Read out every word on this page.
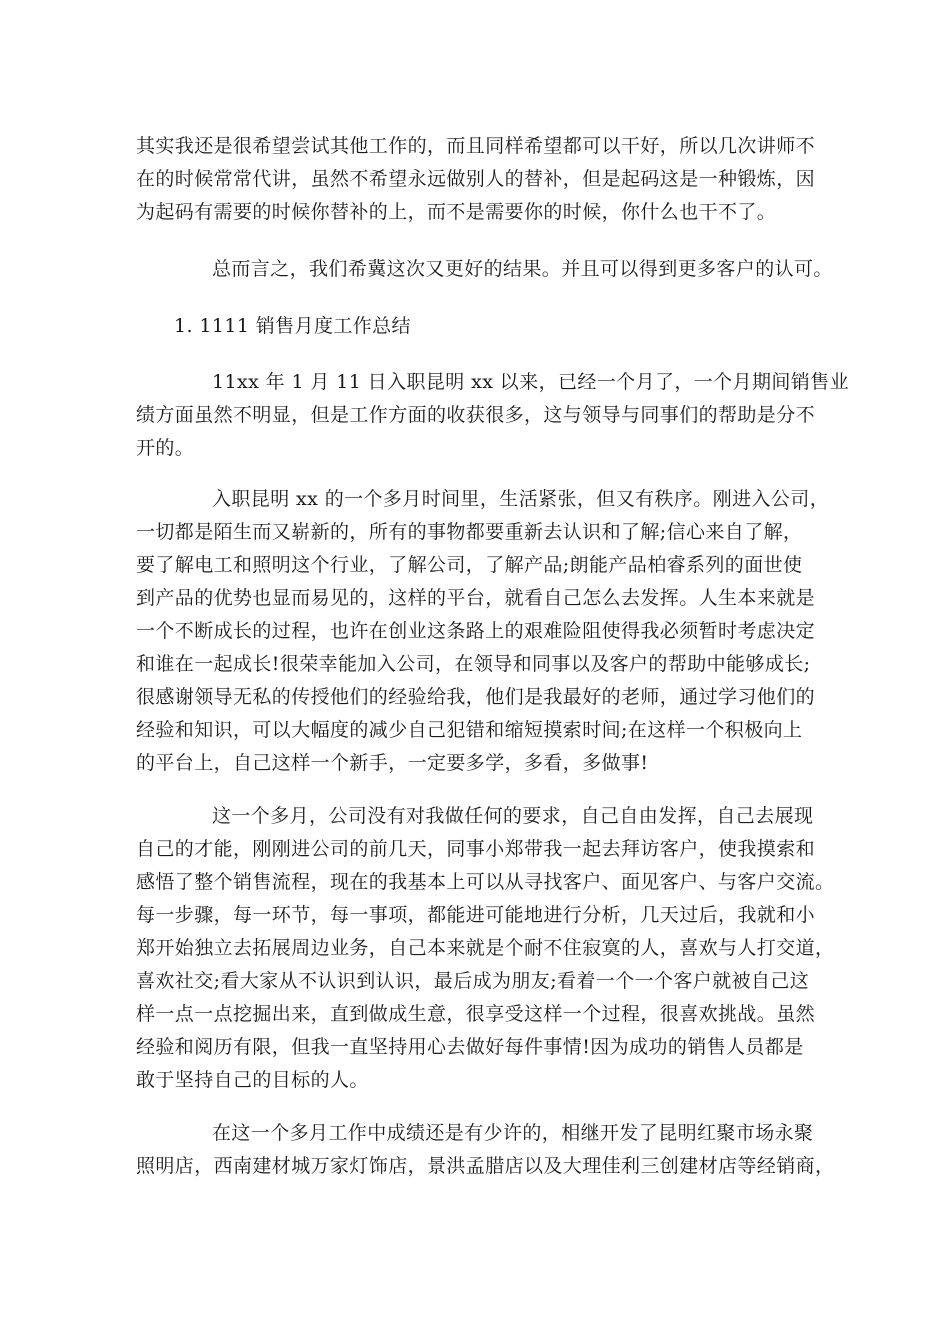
其实我还是很希望尝试其他工作的，而且同样希望都可以干好，所以几次讲师不
在的时候常常代讲，虽然不希望永远做别人的替补，但是起码这是一种锻炼，因
为起码有需要的时候你替补的上，而不是需要你的时候，你什么也干不了。
总而言之，我们希冀这次又更好的结果。并且可以得到更多客户的认可。
1. 1111 销售月度工作总结
11xx 年 1 月 11 日入职昆明 xx 以来，已经一个月了，一个月期间销售业
绩方面虽然不明显，但是工作方面的收获很多，这与领导与同事们的帮助是分不
开的。
入职昆明 xx 的一个多月时间里，生活紧张，但又有秩序。刚进入公司，
一切都是陌生而又崭新的，所有的事物都要重新去认识和了解;信心来自了解，
要了解电工和照明这个行业，了解公司，了解产品;朗能产品柏睿系列的面世使
到产品的优势也显而易见的，这样的平台，就看自己怎么去发挥。人生本来就是
一个不断成长的过程，也许在创业这条路上的艰难险阻使得我必须暂时考虑决定
和谁在一起成长!很荣幸能加入公司，在领导和同事以及客户的帮助中能够成长;
很感谢领导无私的传授他们的经验给我，他们是我最好的老师，通过学习他们的
经验和知识，可以大幅度的减少自己犯错和缩短摸索时间;在这样一个积极向上
的平台上，自己这样一个新手，一定要多学，多看，多做事!
这一个多月，公司没有对我做任何的要求，自己自由发挥，自己去展现
自己的才能，刚刚进公司的前几天，同事小郑带我一起去拜访客户，使我摸索和
感悟了整个销售流程，现在的我基本上可以从寻找客户、面见客户、与客户交流。
每一步骤，每一环节，每一事项，都能进可能地进行分析，几天过后，我就和小
郑开始独立去拓展周边业务，自己本来就是个耐不住寂寞的人，喜欢与人打交道，
喜欢社交;看大家从不认识到认识，最后成为朋友;看着一个一个客户就被自己这
样一点一点挖掘出来，直到做成生意，很享受这样一个过程，很喜欢挑战。虽然
经验和阅历有限，但我一直坚持用心去做好每件事情!因为成功的销售人员都是
敢于坚持自己的目标的人。
在这一个多月工作中成绩还是有少许的，相继开发了昆明红聚市场永聚
照明店，西南建材城万家灯饰店，景洪孟腊店以及大理佳利三创建材店等经销商，
